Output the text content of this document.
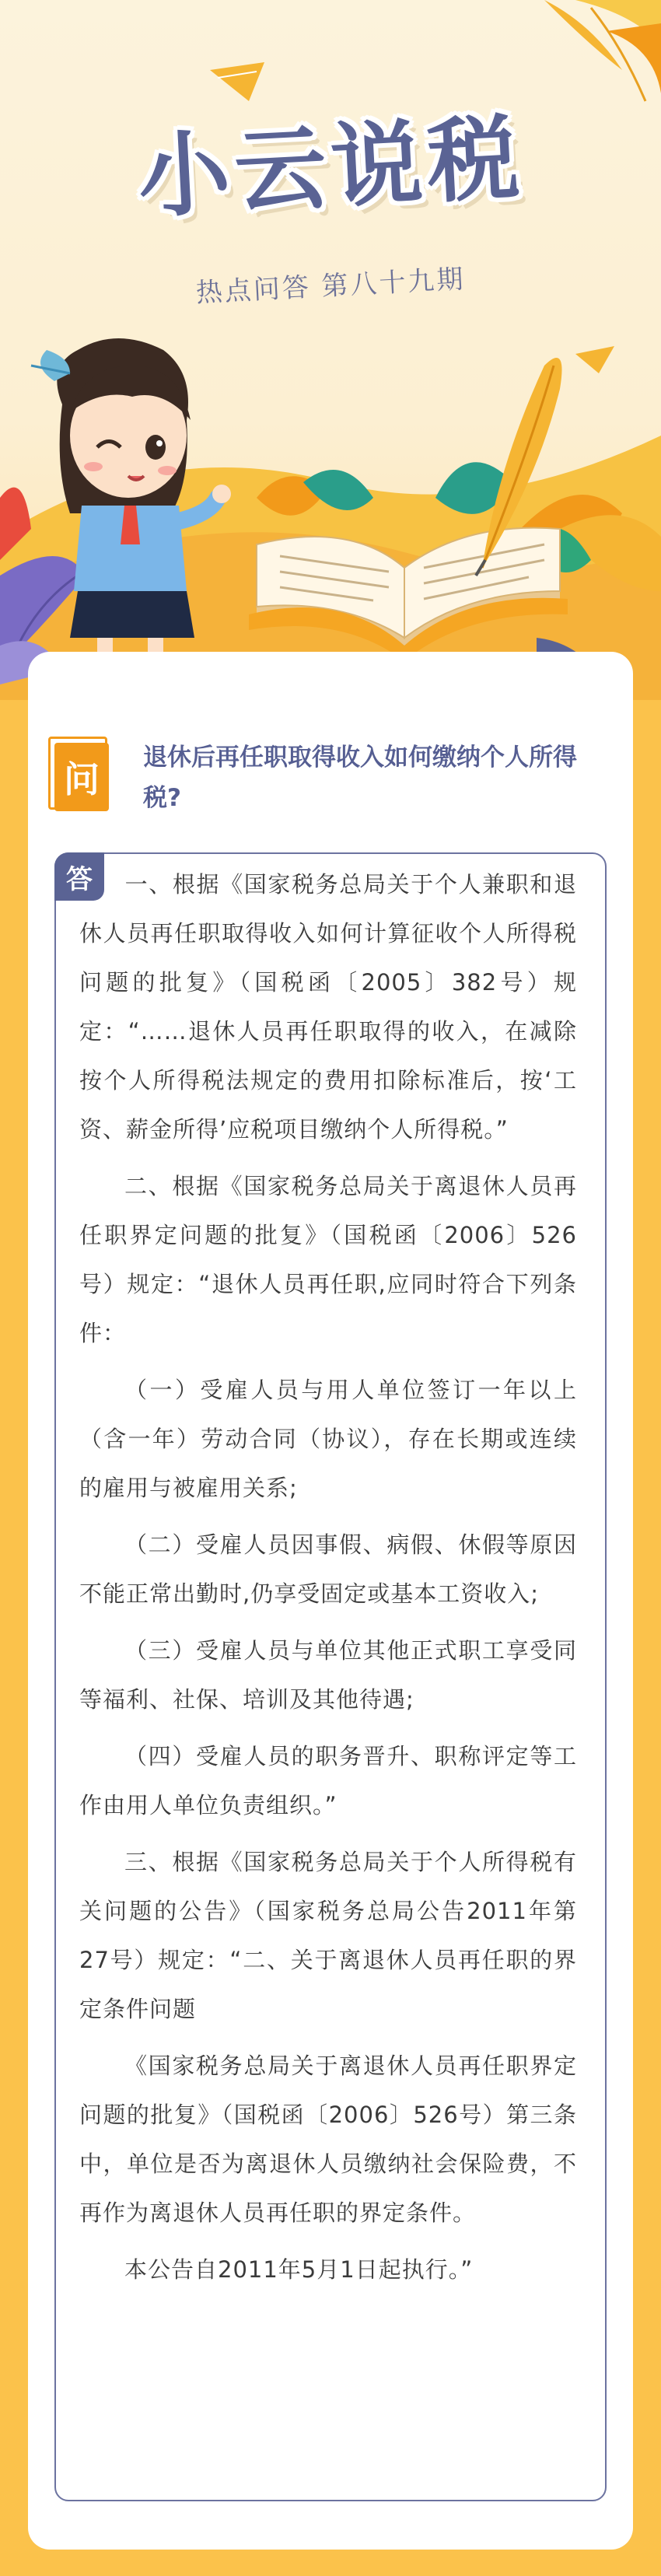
小云说税
热点问答 第八十九期
问
退休后再任职取得收入如何缴纳个人所得税?
答	一、根据《国家税务总局关于个人兼职和退休人员再任职取得收入如何计算征收个人所得税问题的批复》（国税函〔2005〕382号）规定：“……退休人员再任职取得的收入，在减除按个人所得税法规定的费用扣除标准后，按‘工资、薪金所得’应税项目缴纳个人所得税。”

二、根据《国家税务总局关于离退休人员再任职界定问题的批复》（国税函〔2006〕526号）规定：“退休人员再任职,应同时符合下列条件：

（一）受雇人员与用人单位签订一年以上（含一年）劳动合同（协议），存在长期或连续的雇用与被雇用关系;

（二）受雇人员因事假、病假、休假等原因不能正常出勤时,仍享受固定或基本工资收入;

（三）受雇人员与单位其他正式职工享受同等福利、社保、培训及其他待遇;

（四）受雇人员的职务晋升、职称评定等工作由用人单位负责组织。”

三、根据《国家税务总局关于个人所得税有关问题的公告》（国家税务总局公告2011年第27号）规定：“二、关于离退休人员再任职的界定条件问题

《国家税务总局关于离退休人员再任职界定问题的批复》（国税函〔2006〕526号）第三条中，单位是否为离退休人员缴纳社会保险费，不再作为离退休人员再任职的界定条件。

本公告自2011年5月1日起执行。”
